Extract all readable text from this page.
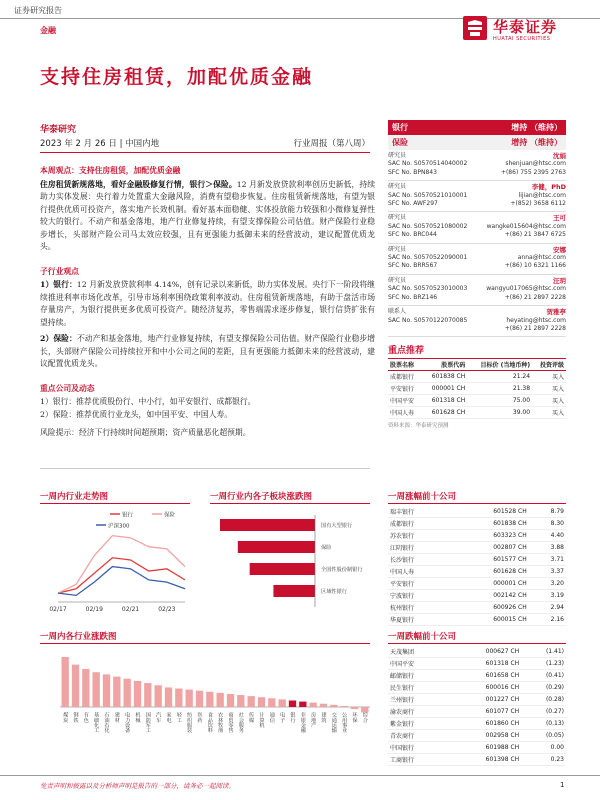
证券研究报告
金融	华泰证券
HUATAI SECURITIES
支持住房租赁，加配优质金融
华泰研究
2023 年 2 月 26 日 | 中国内地	行业周报（第八周）
本周观点：支持住房租赁，加配优质金融

住房租赁新规落地，看好金融股修复行情，银行＞保险。12 月新发放贷款利率创历史新低，持续助力实体发展：央行着力处置重大金融风险，消费有望稳步恢复。住房租赁新规落地，有望为银行提供优质可投资产，落实地产长效机制。看好基本面稳健、实体投放能力较强和小微修复弹性较大的银行。不动产和基金落地，地产行业修复持续，有望支撑保险公司估值。财产保险行业稳步增长，头部财产险公司马太效应较强，且有更强能力抵御未来的经营波动，建议配置优质龙头。

子行业观点

1）银行：12 月新发放贷款利率 4.14%，创有记录以来新低，助力实体发展。央行下一阶段将继续推进利率市场化改革，引导市场利率围绕政策利率波动。住房租赁新规落地，有助于盘活市场存量房产，为银行提供更多优质可投资产。随经济复苏，零售端需求逐步修复，银行信贷扩张有望持续。

2）保险：不动产和基金落地，地产行业修复持续，有望支撑保险公司估值。财产保险行业稳步增长，头部财产保险公司持续拉开和中小公司之间的差距，且有更强能力抵御未来的经营波动，建议配置优质龙头。

重点公司及动态
1）银行：推荐优质股份行、中小行，如平安银行、成都银行。
2）保险：推荐优质行业龙头，如中国平安、中国人寿。
风险提示：经济下行持续时间超预期；资产质量恶化超预期。
银行	增持 （维持）
保险	增持 （维持）
研究员	沈娟
SAC No. S0570514040002	shenjuan@htsc.com
SFC No. BPN843	+(86) 755 2395 2763
研究员	李健，PhD
SAC No. S0570521010001	lijian@htsc.com
SFC No. AWF297	+(852) 3658 6112
研究员	王可
SAC No. S0570521080002	wangke015604@htsc.com
SFC No. BRC044	+(86) 21 3847 6725
研究员	安娜
SAC No. S0570522090001	anna@htsc.com
SFC No. BRR567	+(86) 10 6321 1166
研究员	汪玥
SAC No. S0570523010003	wangyu017065@htsc.com
SFC No. BRZ146	+(86) 21 2897 2228
联系人	贺雅亭
SAC No. S0570122070085	heyating@htsc.com
+(86) 21 2897 2228
重点推荐
股票名称	股票代码	目标价 (当地币种)	投资评级
成都银行	601838 CH	21.24	买入
平安银行	000001 CH	21.38	买入
中国平安	601318 CH	75.00	买入
中国人寿	601628 CH	39.00	买入
资料来源：华泰研究预测
一周内行业走势图
银行	保险
沪深300
02/17	02/19	02/21	02/23
一周行业内各子板块涨跌图
国有大型银行
保险
全国性股份制银行
区域性银行
一周内各行业涨跌图
煤炭 钢铁 有色 基础化工 石油石化 建材 电力设备 机械 国防军工 汽车 家电 轻工 纺织服装 医药 食品饮料 农林牧渔 商贸零售 社会服务 传媒 计算机 通信 电子 银行 非银金融 房地产 建筑 交通运输 公用事业 环保 综合
一周涨幅前十公司
瑞丰银行	601528 CH	8.79
成都银行	601838 CH	8.30
苏农银行	603323 CH	4.40
江阴银行	002807 CH	3.88
长沙银行	601577 CH	3.71
中国人寿	601628 CH	3.37
平安银行	000001 CH	3.20
宁波银行	002142 CH	3.19
杭州银行	600926 CH	2.94
华夏银行	600015 CH	2.16
一周跌幅前十公司
天茂集团	000627 CH	(1.41)
中国平安	601318 CH	(1.23)
邮储银行	601658 CH	(0.41)
民生银行	600016 CH	(0.29)
兰州银行	001227 CH	(0.28)
渝农商行	601077 CH	(0.27)
紫金银行	601860 CH	(0.13)
青农商行	002958 CH	(0.05)
中国银行	601988 CH	0.00
工商银行	601398 CH	0.23
免责声明和披露以及分析师声明是报告的一部分，请务必一起阅读。	1
